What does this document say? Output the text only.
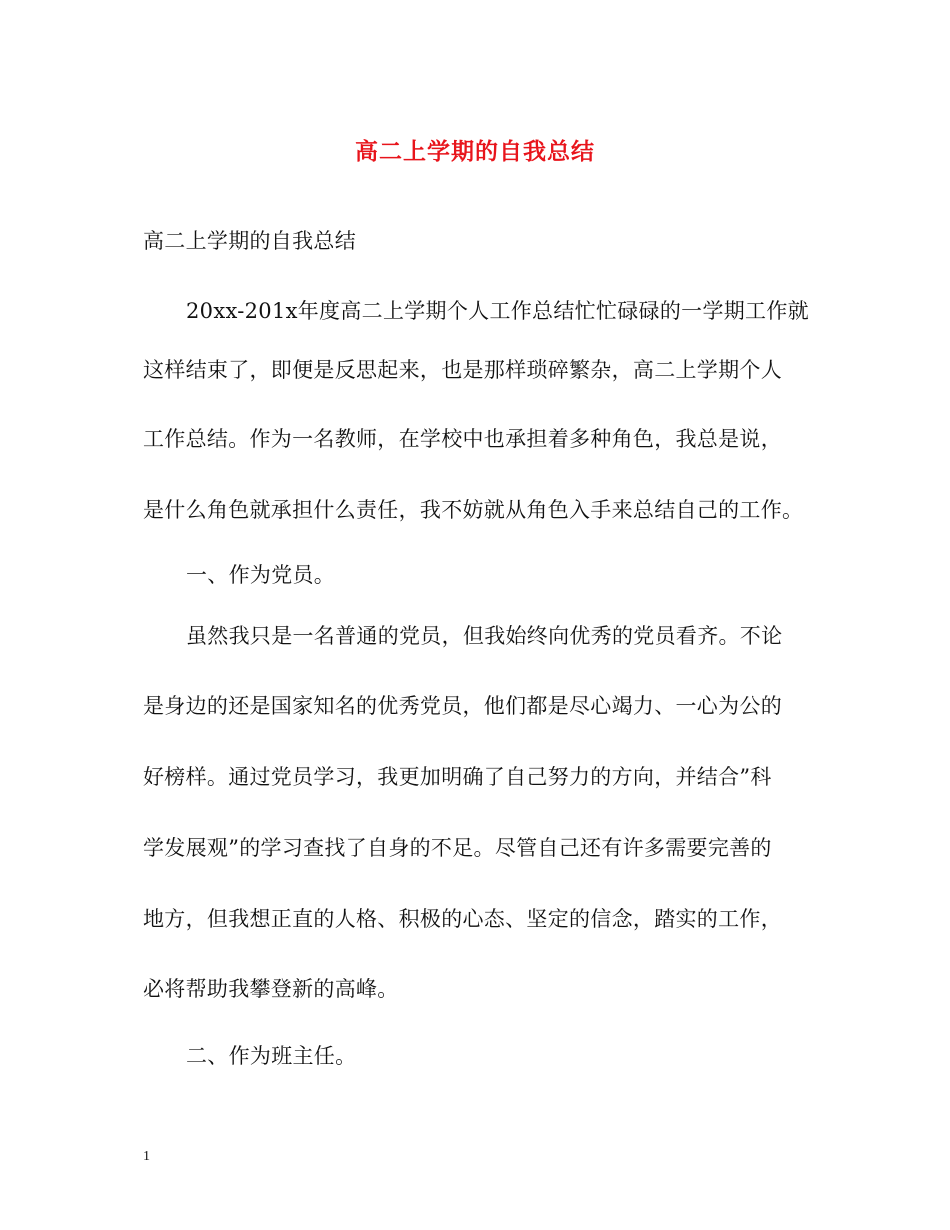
高二上学期的自我总结
高二上学期的自我总结
20xx-201x年度高二上学期个人工作总结忙忙碌碌的一学期工作就
这样结束了，即便是反思起来，也是那样琐碎繁杂，高二上学期个人
工作总结。作为一名教师，在学校中也承担着多种角色，我总是说，
是什么角色就承担什么责任，我不妨就从角色入手来总结自己的工作。
一、作为党员。
虽然我只是一名普通的党员，但我始终向优秀的党员看齐。不论
是身边的还是国家知名的优秀党员，他们都是尽心竭力、一心为公的
好榜样。通过党员学习，我更加明确了自己努力的方向，并结合”科
学发展观”的学习查找了自身的不足。尽管自己还有许多需要完善的
地方，但我想正直的人格、积极的心态、坚定的信念，踏实的工作，
必将帮助我攀登新的高峰。
二、作为班主任。
1
